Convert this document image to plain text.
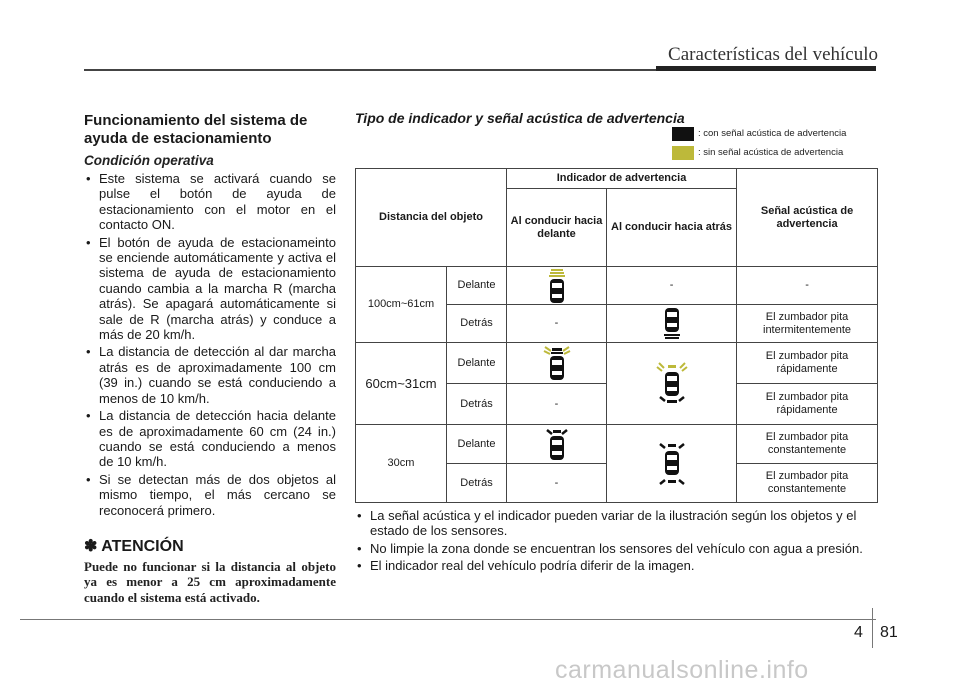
Características del vehículo
Funcionamiento del sistema de ayuda de estacionamiento
Condición operativa
• Este sistema se activará cuando se pulse el botón de ayuda de estacionamiento con el motor en el contacto ON.
• El botón de ayuda de estacionameinto se enciende automáticamente y activa el sistema de ayuda de estacionamiento cuando cambia a la marcha R (marcha atrás). Se apagará automáticamente si sale de R (marcha atrás) y conduce a más de 20 km/h.
• La distancia de detección al dar marcha atrás es de aproximadamente 100 cm (39 in.) cuando se está conduciendo a menos de 10 km/h.
• La distancia de detección hacia delante es de aproximadamente 60 cm (24 in.) cuando se está conduciendo a menos de 10 km/h.
• Si se detectan más de dos objetos al mismo tiempo, el más cercano se reconocerá primero.
✽ ATENCIÓN

Puede no funcionar si la distancia al objeto ya es menor a 25 cm aproximadamente cuando el sistema está activado.

Tipo de indicador y señal acústica de advertencia
: con señal acústica de advertencia
: sin señal acústica de advertencia
Distancia del objeto		Indicador de advertencia		Señal acústica de advertencia
		Al conducir hacia delante	Al conducir hacia atrás	
100cm~61cm	Delante		-	-
	Detrás	-		El zumbador pita intermitentemente
60cm~31cm	Delante			El zumbador pita rápidamente
	Detrás	-		El zumbador pita rápidamente
30cm	Delante			El zumbador pita constantemente
	Detrás	-		El zumbador pita constantemente
• La señal acústica y el indicador pueden variar de la ilustración según los objetos y el estado de los sensores.
• No limpie la zona donde se encuentran los sensores del vehículo con agua a presión.
• El indicador real del vehículo podría diferir de la imagen.
4 81
carmanualsonline.info
